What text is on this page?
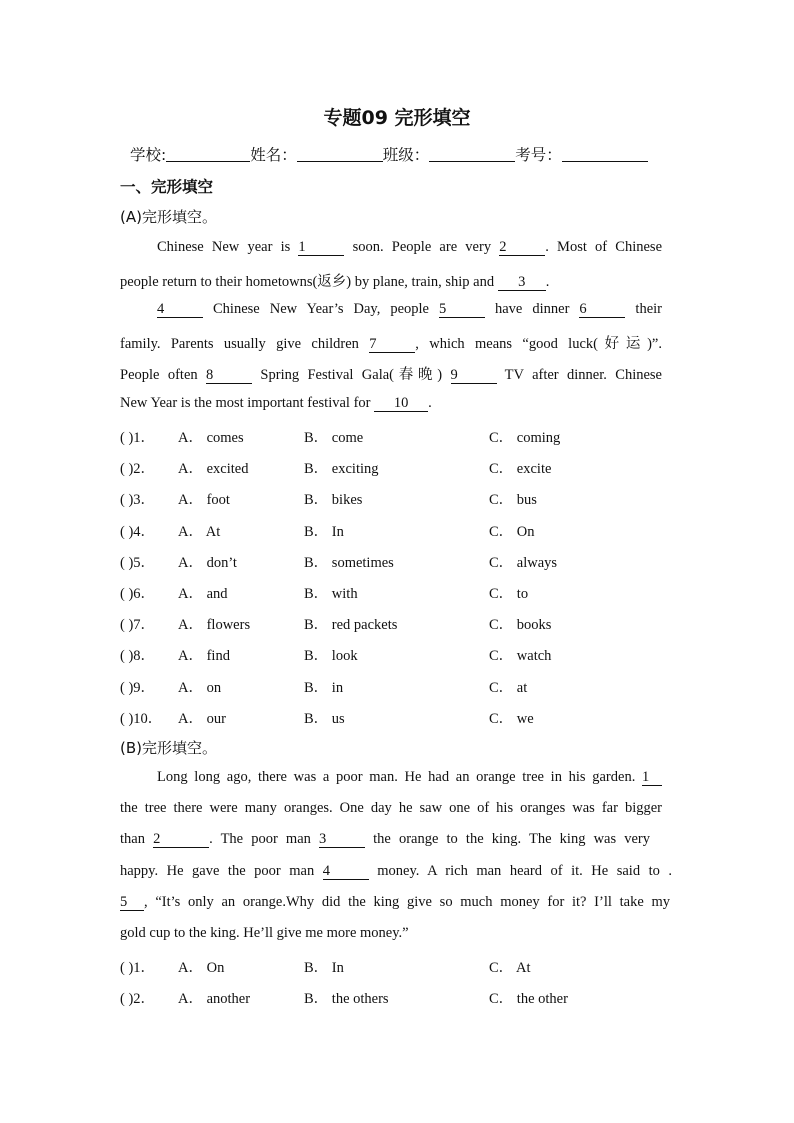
专题09 完形填空
学校:	姓名：	班级：	考号：
一、完形填空
(A)完形填空。
Chinese New year is 1	soon. People are very 2	. Most of Chinese
people return to their hometowns(返乡) by plane, train, ship and 3 .
4	Chinese New Year’s Day, people 5	have dinner 6	their
family. Parents usually give children 7	, which means “good luck(好运)”.
People often 8	Spring Festival Gala(春晚) 9	TV after dinner. Chinese
New Year is the most important festival for 10 .
( )1． A． comes	B． come	C． coming
( )2． A． excited	B． exciting	C． excite
( )3． A． foot	B． bikes	C． bus
( )4． A． At	B． In	C． On
( )5． A． don’t	B． sometimes	C． always
( )6． A． and	B． with	C． to
( )7． A． flowers	B． red packets	C． books
( )8． A． find	B． look	C． watch
( )9． A． on	B． in	C． at
( )10． A． our	B． us	C． we
(B)完形填空。
Long long ago, there was a poor man. He had an orange tree in his garden. 1
the tree there were many oranges. One day he saw one of his oranges was far bigger
than 2	. The poor man 3	the orange to the king. The king was very
happy. He gave the poor man 4	money. A rich man heard of it. He said to .
5 , “It’s only an orange.Why did the king give so much money for it? I’ll take my
gold cup to the king. He’ll give me more money.”
( )1． A． On	B． In	C． At
( )2． A． another	B． the others	C． the other
